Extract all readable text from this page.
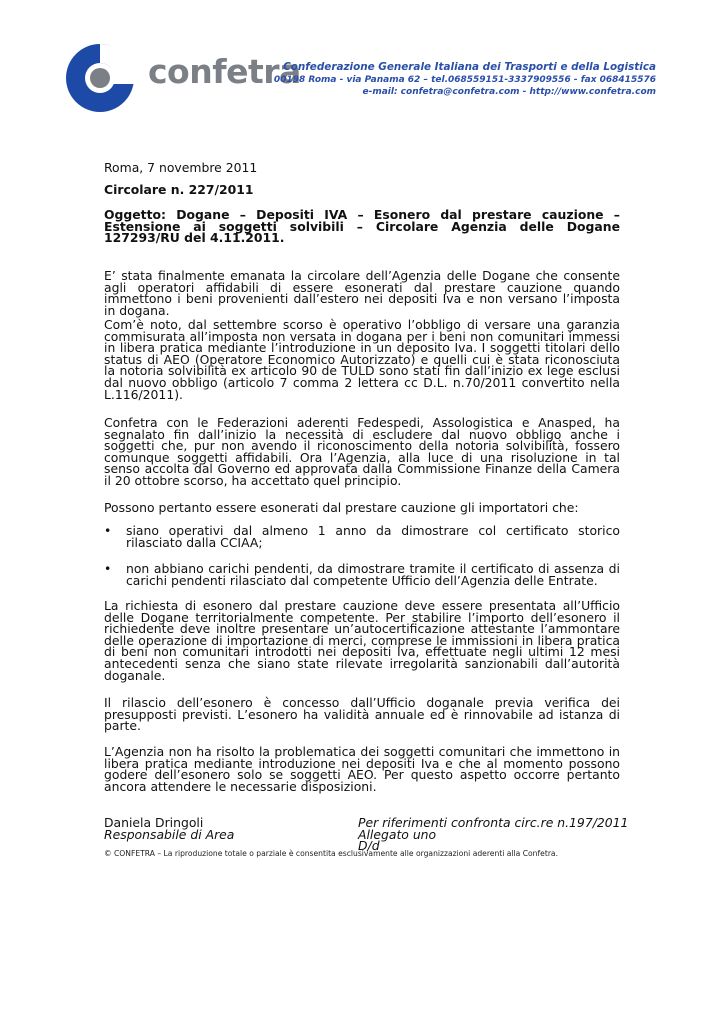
confetra
Confederazione Generale Italiana dei Trasporti e della Logistica
00198 Roma - via Panama 62 – tel.068559151-3337909556 - fax 068415576
e-mail: confetra@confetra.com - http://www.confetra.com
Roma, 7 novembre 2011
Circolare n. 227/2011
Oggetto: Dogane – Depositi IVA – Esonero dal prestare cauzione – Estensione ai soggetti solvibili – Circolare Agenzia delle Dogane 127293/RU del 4.11.2011.
E’ stata finalmente emanata la circolare dell’Agenzia delle Dogane che consente agli operatori affidabili di essere esonerati dal prestare cauzione quando immettono i beni provenienti dall’estero nei depositi Iva e non versano l’imposta in dogana.
Com’è noto, dal settembre scorso è operativo l’obbligo di versare una garanzia commisurata all’imposta non versata in dogana per i beni non comunitari immessi in libera pratica mediante l’introduzione in un deposito Iva. I soggetti titolari dello status di AEO (Operatore Economico Autorizzato) e quelli cui è stata riconosciuta la notoria solvibilità ex articolo 90 de TULD sono stati fin dall’inizio ex lege esclusi dal nuovo obbligo (articolo 7 comma 2 lettera cc D.L. n.70/2011 convertito nella L.116/2011).
Confetra con le Federazioni aderenti Fedespedi, Assologistica e Anasped, ha segnalato fin dall’inizio la necessità di escludere dal nuovo obbligo anche i soggetti che, pur non avendo il riconoscimento della notoria solvibilità, fossero comunque soggetti affidabili. Ora l’Agenzia, alla luce di una risoluzione in tal senso accolta dal Governo ed approvata dalla Commissione Finanze della Camera il 20 ottobre scorso, ha accettato quel principio.
Possono pertanto essere esonerati dal prestare cauzione gli importatori che:
•	siano operativi dal almeno 1 anno da dimostrare col certificato storico rilasciato dalla CCIAA;
•	non abbiano carichi pendenti, da dimostrare tramite il certificato di assenza di carichi pendenti rilasciato dal competente Ufficio dell’Agenzia delle Entrate.
La richiesta di esonero dal prestare cauzione deve essere presentata all’Ufficio delle Dogane territorialmente competente. Per stabilire l’importo dell’esonero il richiedente deve inoltre presentare un’autocertificazione attestante l’ammontare delle operazione di importazione di merci, comprese le immissioni in libera pratica di beni non comunitari introdotti nei depositi Iva, effettuate negli ultimi 12 mesi antecedenti senza che siano state rilevate irregolarità sanzionabili dall’autorità doganale.
Il rilascio dell’esonero è concesso dall’Ufficio doganale previa verifica dei presupposti previsti. L’esonero ha validità annuale ed è rinnovabile ad istanza di parte.
L’Agenzia non ha risolto la problematica dei soggetti comunitari che immettono in libera pratica mediante introduzione nei depositi Iva e che al momento possono godere dell’esonero solo se soggetti AEO. Per questo aspetto occorre pertanto ancora attendere le necessarie disposizioni.
Daniela Dringoli
Responsabile di Area
Per riferimenti confronta circ.re n.197/2011
Allegato uno
D/d
© CONFETRA – La riproduzione totale o parziale è consentita esclusivamente alle organizzazioni aderenti alla Confetra.
